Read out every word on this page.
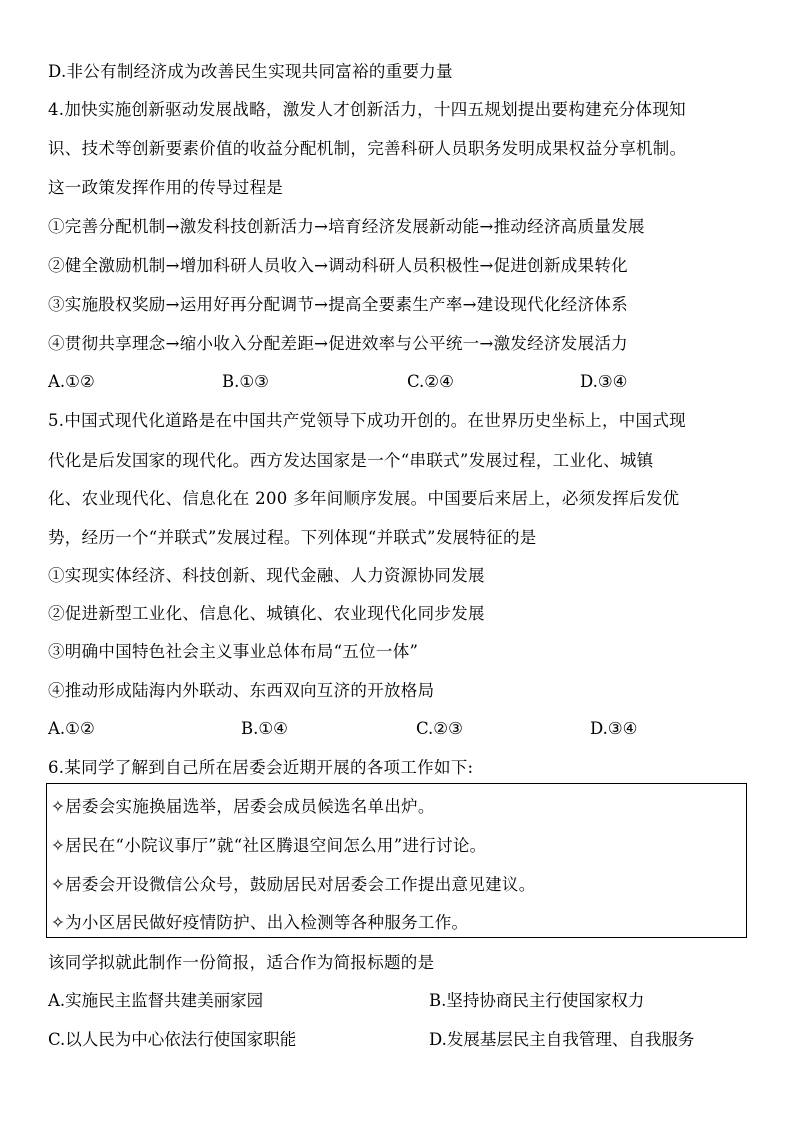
D.非公有制经济成为改善民生实现共同富裕的重要力量
4.加快实施创新驱动发展战略，激发人才创新活力，十四五规划提出要构建充分体现知
识、技术等创新要素价值的收益分配机制，完善科研人员职务发明成果权益分享机制。
这一政策发挥作用的传导过程是
①完善分配机制→激发科技创新活力→培育经济发展新动能→推动经济高质量发展
②健全激励机制→增加科研人员收入→调动科研人员积极性→促进创新成果转化
③实施股权奖励→运用好再分配调节→提高全要素生产率→建设现代化经济体系
④贯彻共享理念→缩小收入分配差距→促进效率与公平统一→激发经济发展活力
A.①②	B.①③	C.②④	D.③④
5.中国式现代化道路是在中国共产党领导下成功开创的。在世界历史坐标上，中国式现
代化是后发国家的现代化。西方发达国家是一个“串联式”发展过程，工业化、城镇
化、农业现代化、信息化在 200 多年间顺序发展。中国要后来居上，必须发挥后发优
势，经历一个“并联式”发展过程。下列体现“并联式”发展特征的是
①实现实体经济、科技创新、现代金融、人力资源协同发展
②促进新型工业化、信息化、城镇化、农业现代化同步发展
③明确中国特色社会主义事业总体布局“五位一体”
④推动形成陆海内外联动、东西双向互济的开放格局
A.①②	B.①④	C.②③	D.③④
6.某同学了解到自己所在居委会近期开展的各项工作如下:
✧居委会实施换届选举，居委会成员候选名单出炉。
✧居民在“小院议事厅”就“社区腾退空间怎么用”进行讨论。
✧居委会开设微信公众号，鼓励居民对居委会工作提出意见建议。
✧为小区居民做好疫情防护、出入检测等各种服务工作。
该同学拟就此制作一份简报，适合作为简报标题的是
A.实施民主监督共建美丽家园	B.坚持协商民主行使国家权力
C.以人民为中心依法行使国家职能	D.发展基层民主自我管理、自我服务
